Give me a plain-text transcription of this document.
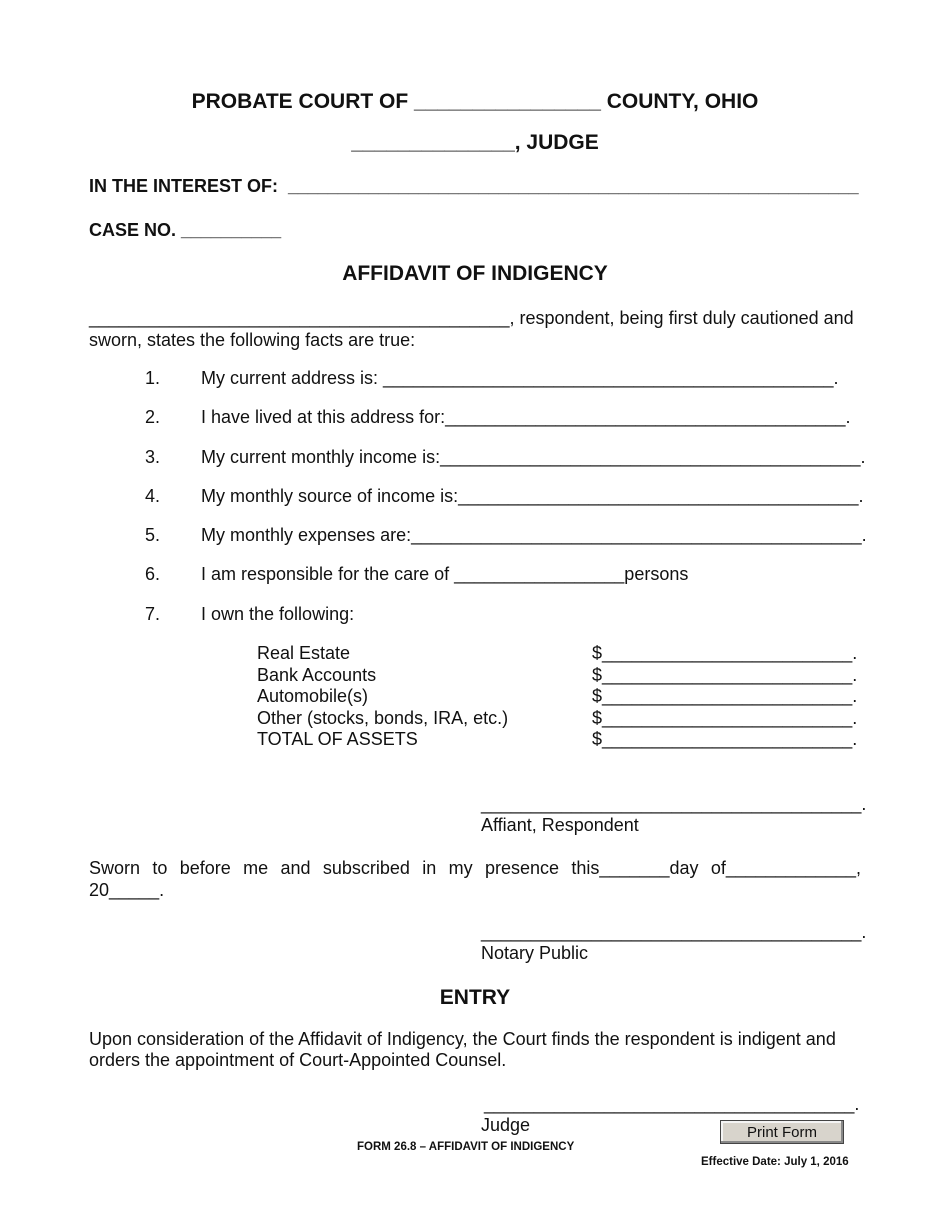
PROBATE COURT OF ________________ COUNTY, OHIO
______________, JUDGE
IN THE INTEREST OF:  _________________________________________________________
CASE NO. __________
AFFIDAVIT OF INDIGENCY
__________________________________________, respondent, being first duly cautioned and
sworn, states the following facts are true:
1. My current address is: _____________________________________________.
2. I have lived at this address for:________________________________________.
3. My current monthly income is:__________________________________________.
4. My monthly source of income is:________________________________________.
5. My monthly expenses are:_____________________________________________.
6. I am responsible for the care of _________________persons
7. I own the following:
Real Estate	$_________________________.
Bank Accounts	$_________________________.
Automobile(s)	$_________________________.
Other (stocks, bonds, IRA, etc.)	$_________________________.
TOTAL OF ASSETS	$_________________________.
______________________________________.
Affiant, Respondent
Sworn to before me and subscribed in my presence this_______day of_____________,
20_____.
______________________________________.
Notary Public
ENTRY
Upon consideration of the Affidavit of Indigency, the Court finds the respondent is indigent and
orders the appointment of Court-Appointed Counsel.
_____________________________________.
Judge
FORM 26.8 – AFFIDAVIT OF INDIGENCY
Effective Date: July 1, 2016
Print Form
